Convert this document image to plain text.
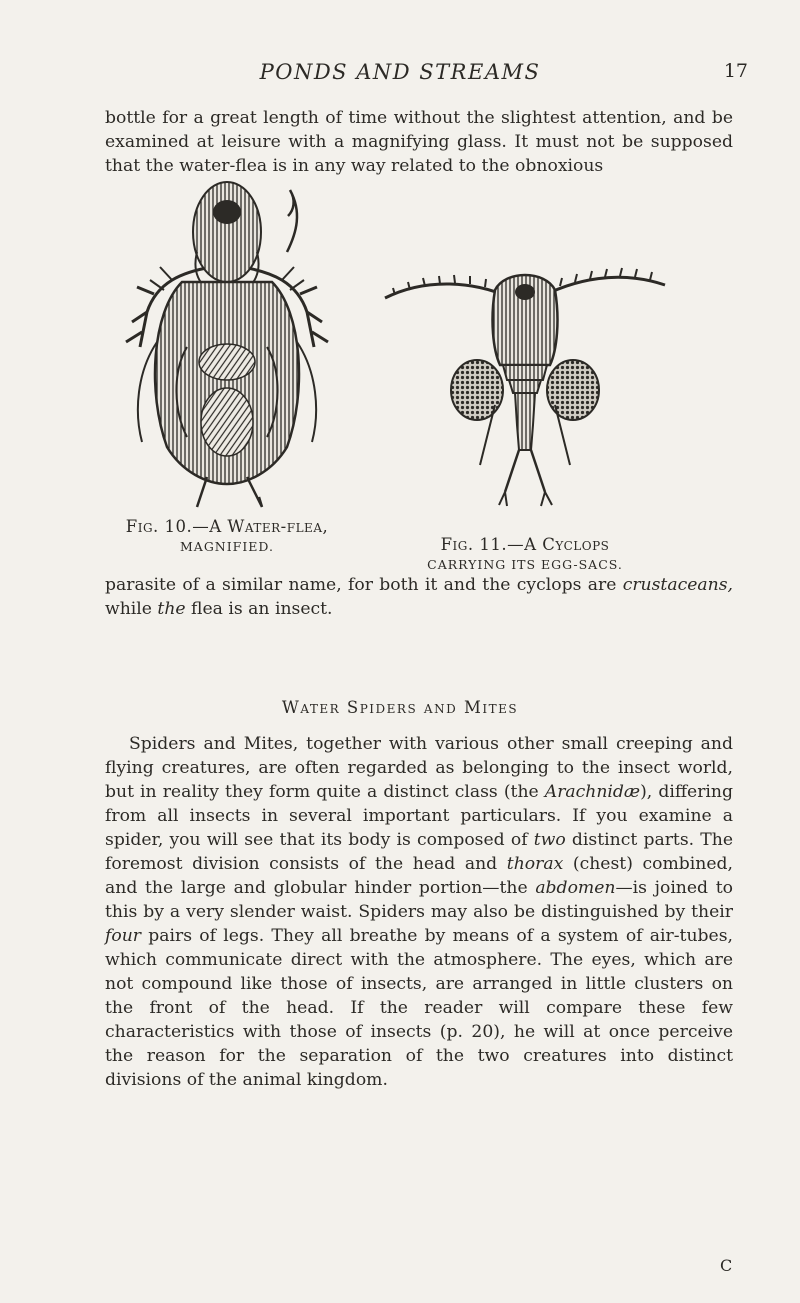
PONDS AND STREAMS	17

bottle for a great length of time without the slightest attention, and be examined at leisure with a magnifying glass. It must not be supposed that the water-flea is in any way related to the obnoxious

Fig. 10.—A Water-flea,
MAGNIFIED.	Fig. 11.—A Cyclops
CARRYING ITS EGG-SACS.

parasite of a similar name, for both it and the cyclops are crustaceans, while the flea is an insect.

Water Spiders and Mites

Spiders and Mites, together with various other small creeping and flying creatures, are often regarded as belonging to the insect world, but in reality they form quite a distinct class (the Arachnidæ), differing from all insects in several important particulars. If you examine a spider, you will see that its body is composed of two distinct parts. The foremost division consists of the head and thorax (chest) combined, and the large and globular hinder portion—the abdomen—is joined to this by a very slender waist. Spiders may also be distinguished by their four pairs of legs. They all breathe by means of a system of air-tubes, which communicate direct with the atmosphere. The eyes, which are not compound like those of insects, are arranged in little clusters on the front of the head. If the reader will compare these few characteristics with those of insects (p. 20), he will at once perceive the reason for the separation of the two creatures into distinct divisions of the animal kingdom.

C
